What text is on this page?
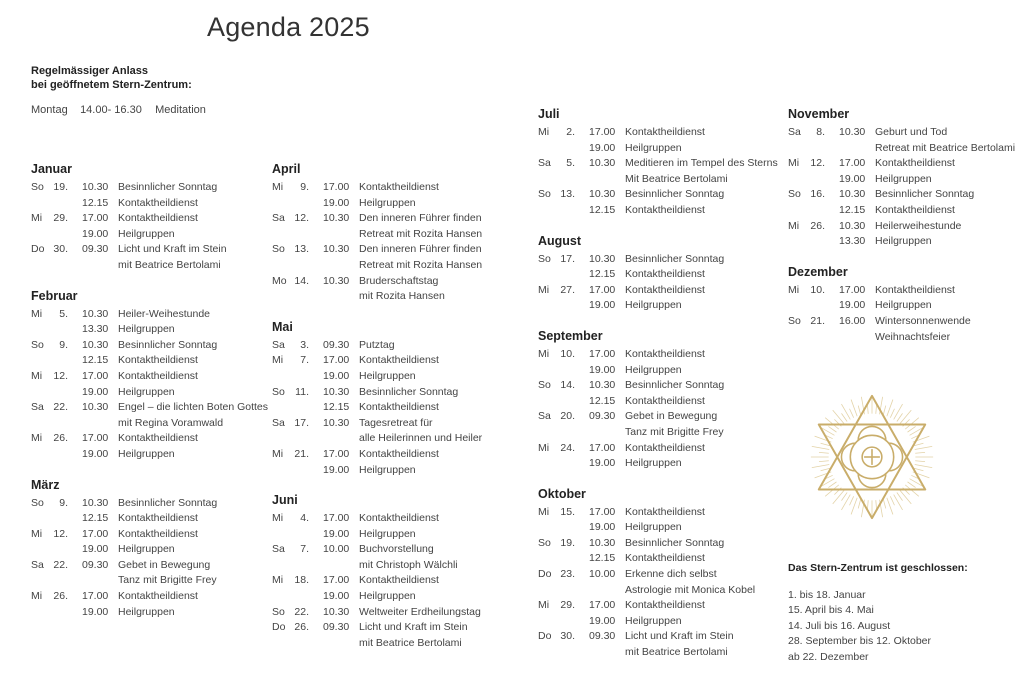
Agenda 2025
Regelmässiger Anlass
bei geöffnetem Stern-Zentrum:
Montag 14.00- 16.30 Meditation
Januar
So 19.	10.30 Besinnlicher Sonntag
12.15 Kontaktheildienst
Mi	29.	17.00 Kontaktheildienst
19.00 Heilgruppen
Do 30.	09.30 Licht und Kraft im Stein
mit Beatrice Bertolami
Februar
Mi	5.	10.30 Heiler-Weihestunde
13.30 Heilgruppen
So	9.	10.30 Besinnlicher Sonntag
12.15 Kontaktheildienst
Mi	12.	17.00 Kontaktheildienst
19.00 Heilgruppen
Sa 22.	10.30 Engel – die lichten Boten Gottes
mit Regina Voramwald
Mi	26.	17.00 Kontaktheildienst
19.00 Heilgruppen
März
So	9.	10.30 Besinnlicher Sonntag
12.15 Kontaktheildienst
Mi	12.	17.00 Kontaktheildienst
19.00 Heilgruppen
Sa 22.	09.30 Gebet in Bewegung
Tanz mit Brigitte Frey
Mi	26.	17.00 Kontaktheildienst
19.00 Heilgruppen
April
Mi	9.	17.00 Kontaktheildienst
19.00 Heilgruppen
Sa 12.	10.30 Den inneren Führer finden
Retreat mit Rozita Hansen
So 13.	10.30 Den inneren Führer finden
Retreat mit Rozita Hansen
Mo 14.	10.30 Bruderschaftstag
mit Rozita Hansen
Mai
Sa	3.	09.30 Putztag
Mi	7.	17.00 Kontaktheildienst
19.00 Heilgruppen
So 11.	10.30 Besinnlicher Sonntag
12.15 Kontaktheildienst
Sa 17.	10.30 Tagesretreat für
alle Heilerinnen und Heiler
Mi	21.	17.00 Kontaktheildienst
19.00 Heilgruppen
Juni
Mi	4.	17.00 Kontaktheildienst
19.00 Heilgruppen
Sa	7.	10.00 Buchvorstellung
mit Christoph Wälchli
Mi	18.	17.00 Kontaktheildienst
19.00 Heilgruppen
So 22.	10.30 Weltweiter Erdheilungstag
Do 26.	09.30 Licht und Kraft im Stein
mit Beatrice Bertolami
Juli
Mi	2.	17.00 Kontaktheildienst
19.00 Heilgruppen
Sa	5.	10.30 Meditieren im Tempel des Sterns
Mit Beatrice Bertolami
So 13.	10.30 Besinnlicher Sonntag
12.15 Kontaktheildienst
August
So 17.	10.30 Besinnlicher Sonntag
12.15 Kontaktheildienst
Mi	27.	17.00 Kontaktheildienst
19.00 Heilgruppen
September
Mi	10.	17.00 Kontaktheildienst
19.00 Heilgruppen
So 14.	10.30 Besinnlicher Sonntag
12.15 Kontaktheildienst
Sa 20.	09.30 Gebet in Bewegung
Tanz mit Brigitte Frey
Mi	24.	17.00 Kontaktheildienst
19.00 Heilgruppen
Oktober
Mi	15.	17.00 Kontaktheildienst
19.00 Heilgruppen
So 19.	10.30 Besinnlicher Sonntag
12.15 Kontaktheildienst
Do 23.	10.00 Erkenne dich selbst
Astrologie mit Monica Kobel
Mi	29.	17.00 Kontaktheildienst
19.00 Heilgruppen
Do 30.	09.30 Licht und Kraft im Stein
mit Beatrice Bertolami
November
Sa	8.	10.30 Geburt und Tod
Retreat mit Beatrice Bertolami
Mi	12.	17.00 Kontaktheildienst
19.00 Heilgruppen
So 16.	10.30 Besinnlicher Sonntag
12.15 Kontaktheildienst
Mi	26.	10.30 Heilerweihestunde
13.30 Heilgruppen
Dezember
Mi	10.	17.00 Kontaktheildienst
19.00 Heilgruppen
So 21.	16.00 Wintersonnenwende
Weihnachtsfeier
Das Stern-Zentrum ist geschlossen:
1. bis 18. Januar
15. April bis 4. Mai
14. Juli bis 16. August
28. September bis 12. Oktober
ab 22. Dezember
